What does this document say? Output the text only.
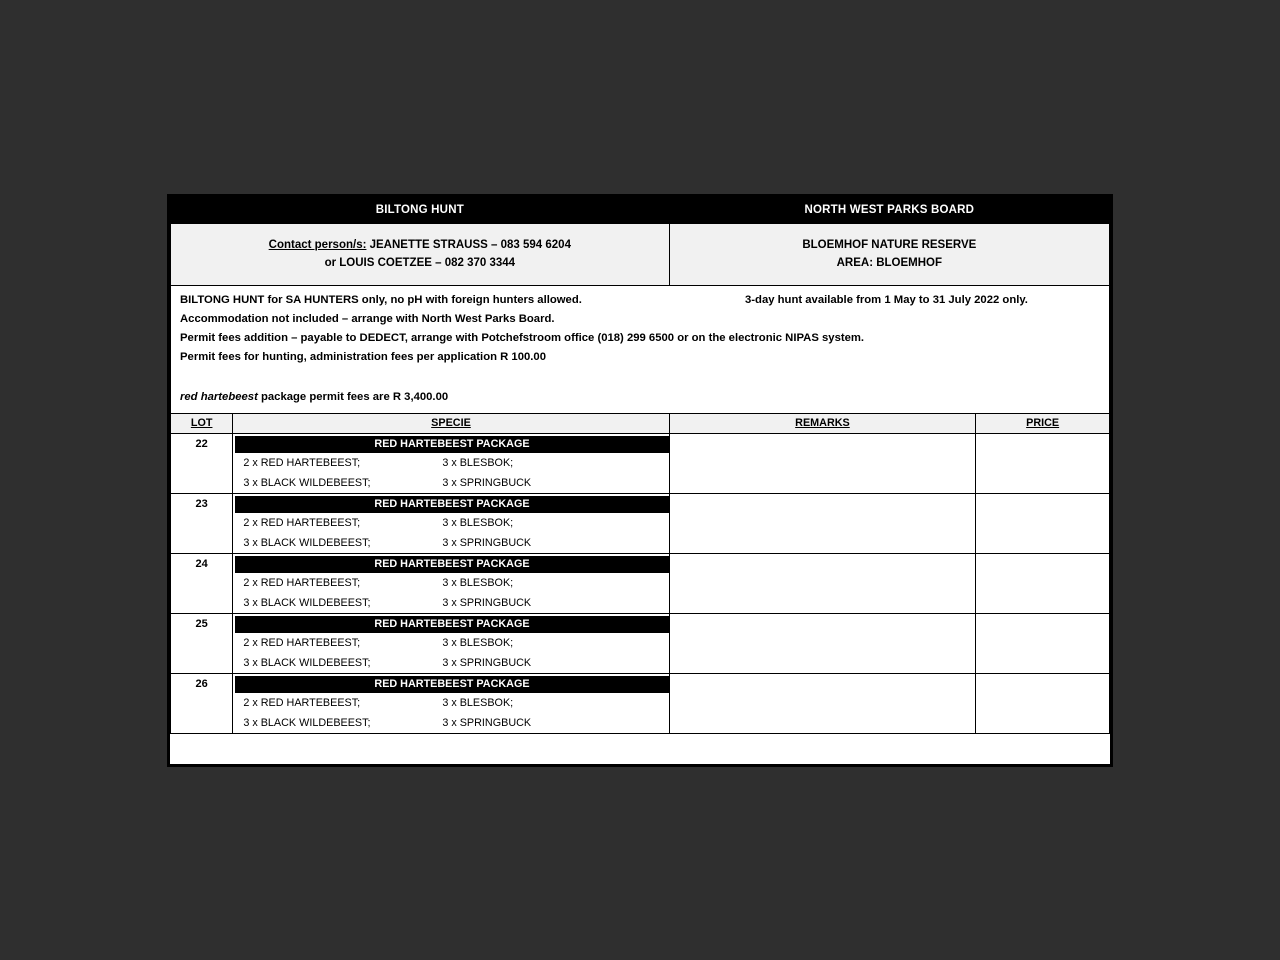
BILTONG HUNT		NORTH WEST PARKS BOARD	

Contact person/s: JEANETTE STRAUSS – 083 594 6204
or LOUIS COETZEE – 082 370 3344

BLOEMHOF NATURE RESERVE
AREA: BLOEMHOF

BILTONG HUNT for SA HUNTERS only, no pH with foreign hunters allowed.	3-day hunt available from 1 May to 31 July 2022 only.
Accommodation not included – arrange with North West Parks Board.
Permit fees addition – payable to DEDECT, arrange with Potchefstroom office (018) 299 6500 or on the electronic NIPAS system.
Permit fees for hunting, administration fees per application R 100.00
red hartebeest package permit fees are R 3,400.00

LOT	SPECIE	REMARKS	PRICE
22	RED HARTEBEEST PACKAGE
2 x RED HARTEBEEST; 3 x BLESBOK;
3 x BLACK WILDEBEEST; 3 x SPRINGBUCK		

23	RED HARTEBEEST PACKAGE
2 x RED HARTEBEEST; 3 x BLESBOK;
3 x BLACK WILDEBEEST; 3 x SPRINGBUCK		

24	RED HARTEBEEST PACKAGE
2 x RED HARTEBEEST; 3 x BLESBOK;
3 x BLACK WILDEBEEST; 3 x SPRINGBUCK		

25	RED HARTEBEEST PACKAGE
2 x RED HARTEBEEST; 3 x BLESBOK;
3 x BLACK WILDEBEEST; 3 x SPRINGBUCK		

26	RED HARTEBEEST PACKAGE
2 x RED HARTEBEEST; 3 x BLESBOK;
3 x BLACK WILDEBEEST; 3 x SPRINGBUCK		
